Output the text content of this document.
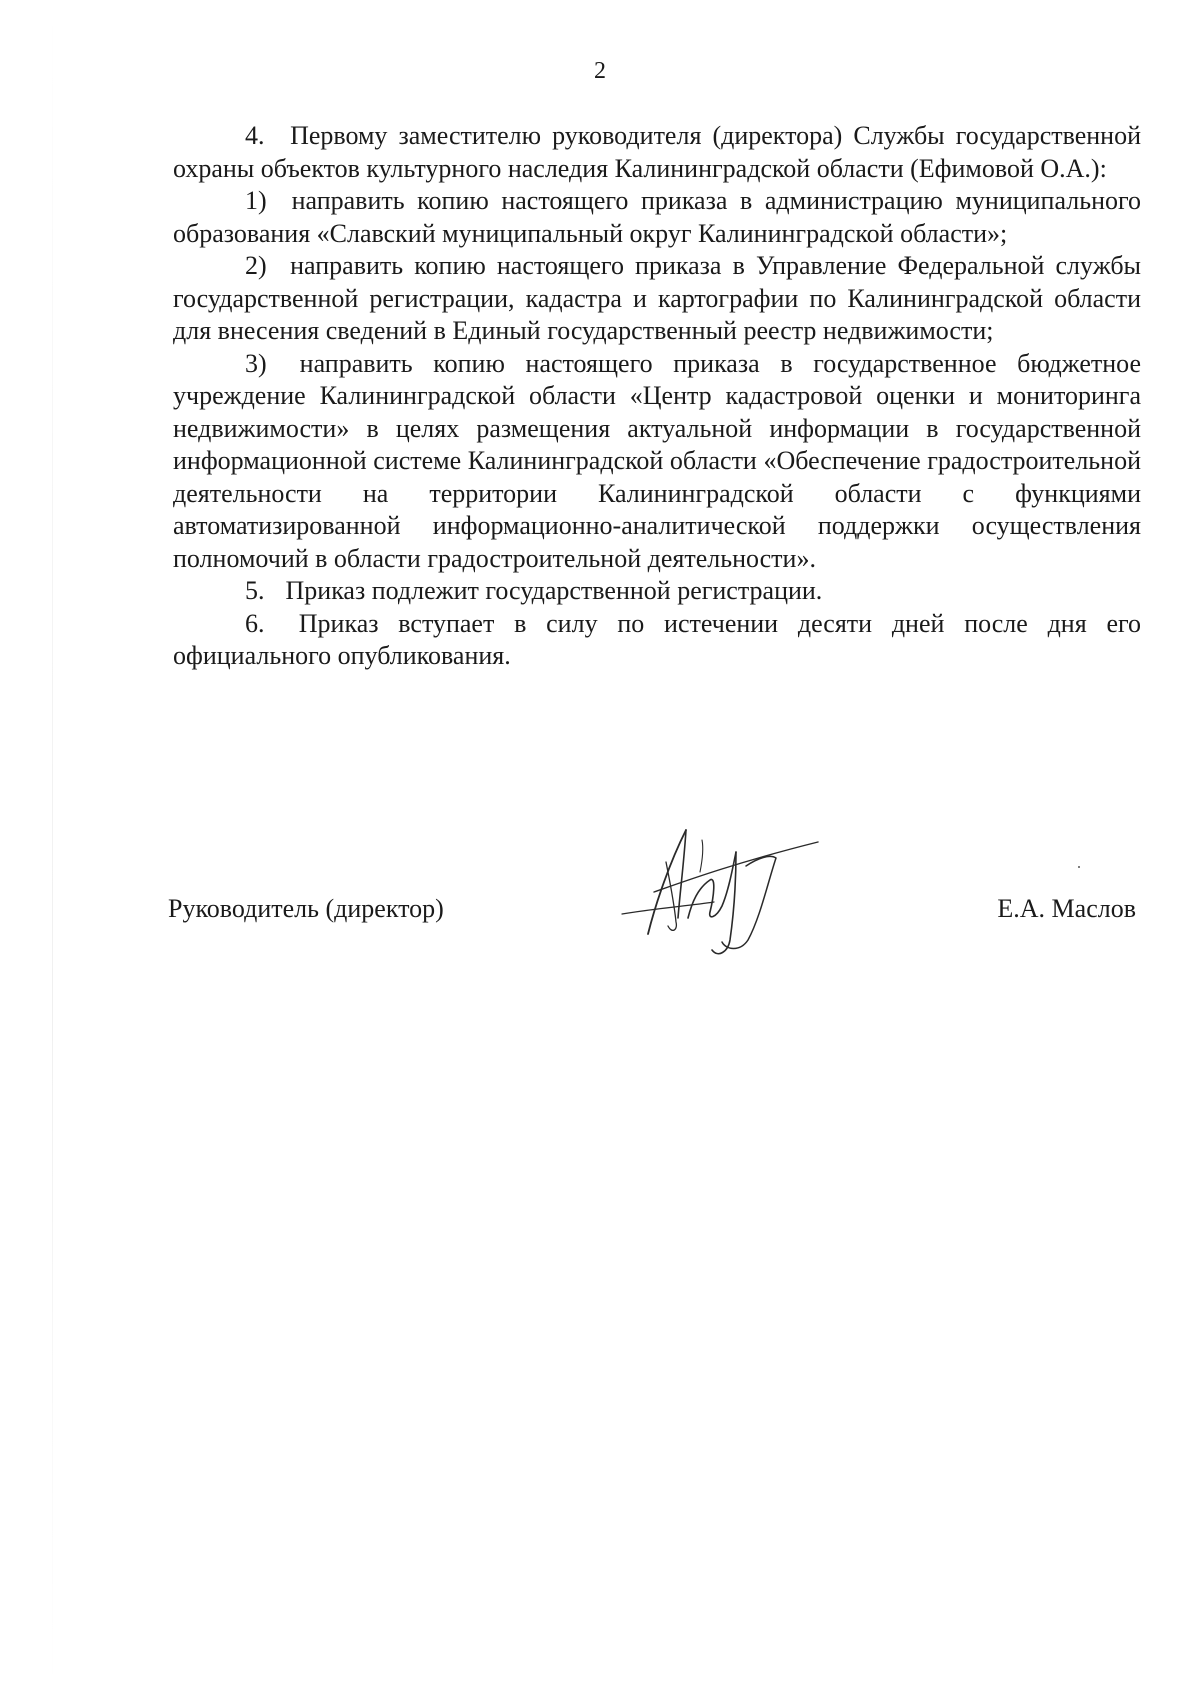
2

4. Первому заместителю руководителя (директора) Службы государственной охраны объектов культурного наследия Калининградской области (Ефимовой О.А.):

1) направить копию настоящего приказа в администрацию муниципального образования «Славский муниципальный округ Калининградской области»;

2) направить копию настоящего приказа в Управление Федеральной службы государственной регистрации, кадастра и картографии по Калининградской области для внесения сведений в Единый государственный реестр недвижимости;

3) направить копию настоящего приказа в государственное бюджетное учреждение Калининградской области «Центр кадастровой оценки и мониторинга недвижимости» в целях размещения актуальной информации в государственной информационной системе Калининградской области «Обеспечение градостроительной деятельности на территории Калининградской области с функциями автоматизированной информационно-аналитической поддержки осуществления полномочий в области градостроительной деятельности».

5. Приказ подлежит государственной регистрации.

6. Приказ вступает в силу по истечении десяти дней после дня его официального опубликования.

Руководитель (директор)	Е.А. Маслов
